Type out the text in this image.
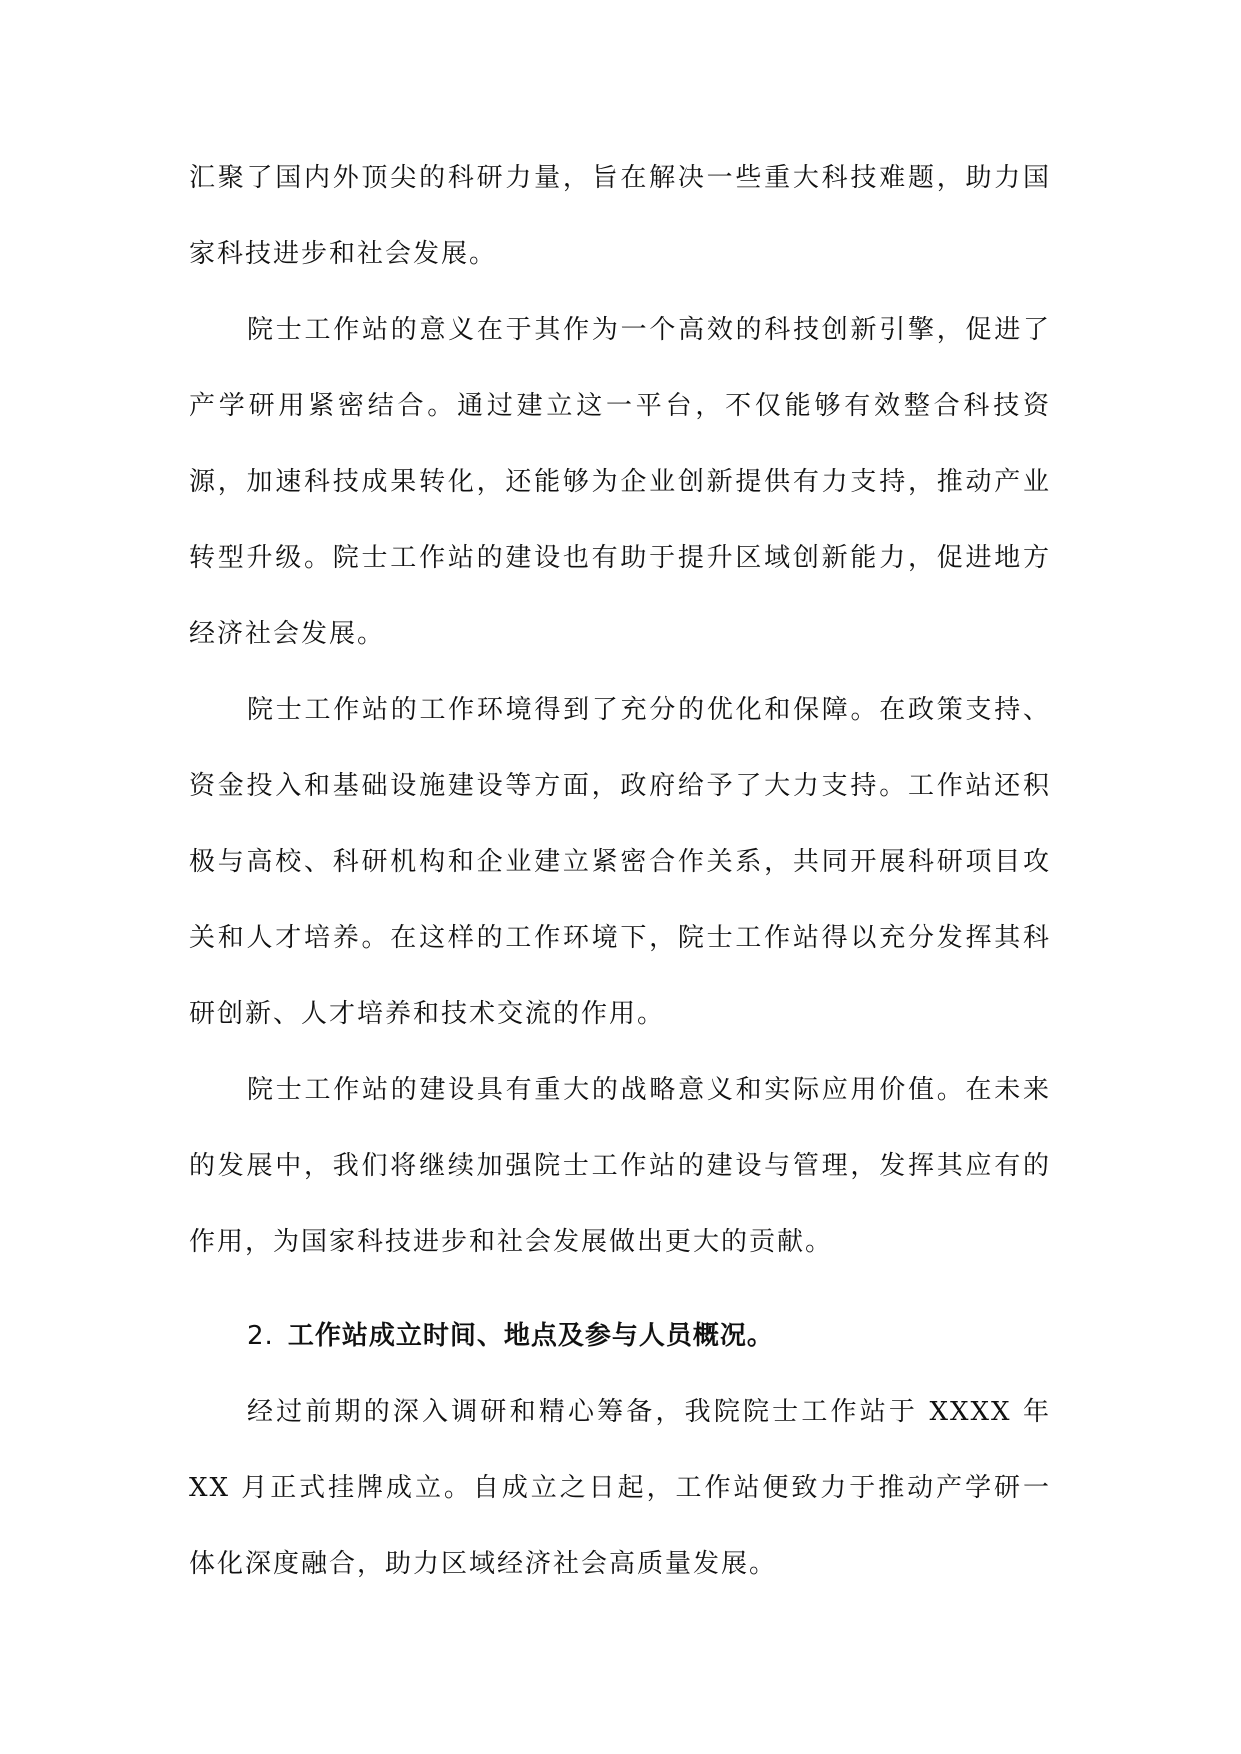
汇聚了国内外顶尖的科研力量，旨在解决一些重大科技难题，助力国家科技进步和社会发展。

院士工作站的意义在于其作为一个高效的科技创新引擎，促进了产学研用紧密结合。通过建立这一平台，不仅能够有效整合科技资源，加速科技成果转化，还能够为企业创新提供有力支持，推动产业转型升级。院士工作站的建设也有助于提升区域创新能力，促进地方经济社会发展。

院士工作站的工作环境得到了充分的优化和保障。在政策支持、资金投入和基础设施建设等方面，政府给予了大力支持。工作站还积极与高校、科研机构和企业建立紧密合作关系，共同开展科研项目攻关和人才培养。在这样的工作环境下，院士工作站得以充分发挥其科研创新、人才培养和技术交流的作用。

院士工作站的建设具有重大的战略意义和实际应用价值。在未来的发展中，我们将继续加强院士工作站的建设与管理，发挥其应有的作用，为国家科技进步和社会发展做出更大的贡献。

2. 工作站成立时间、地点及参与人员概况。

经过前期的深入调研和精心筹备，我院院士工作站于 XXXX 年 XX 月正式挂牌成立。自成立之日起，工作站便致力于推动产学研一体化深度融合，助力区域经济社会高质量发展。
